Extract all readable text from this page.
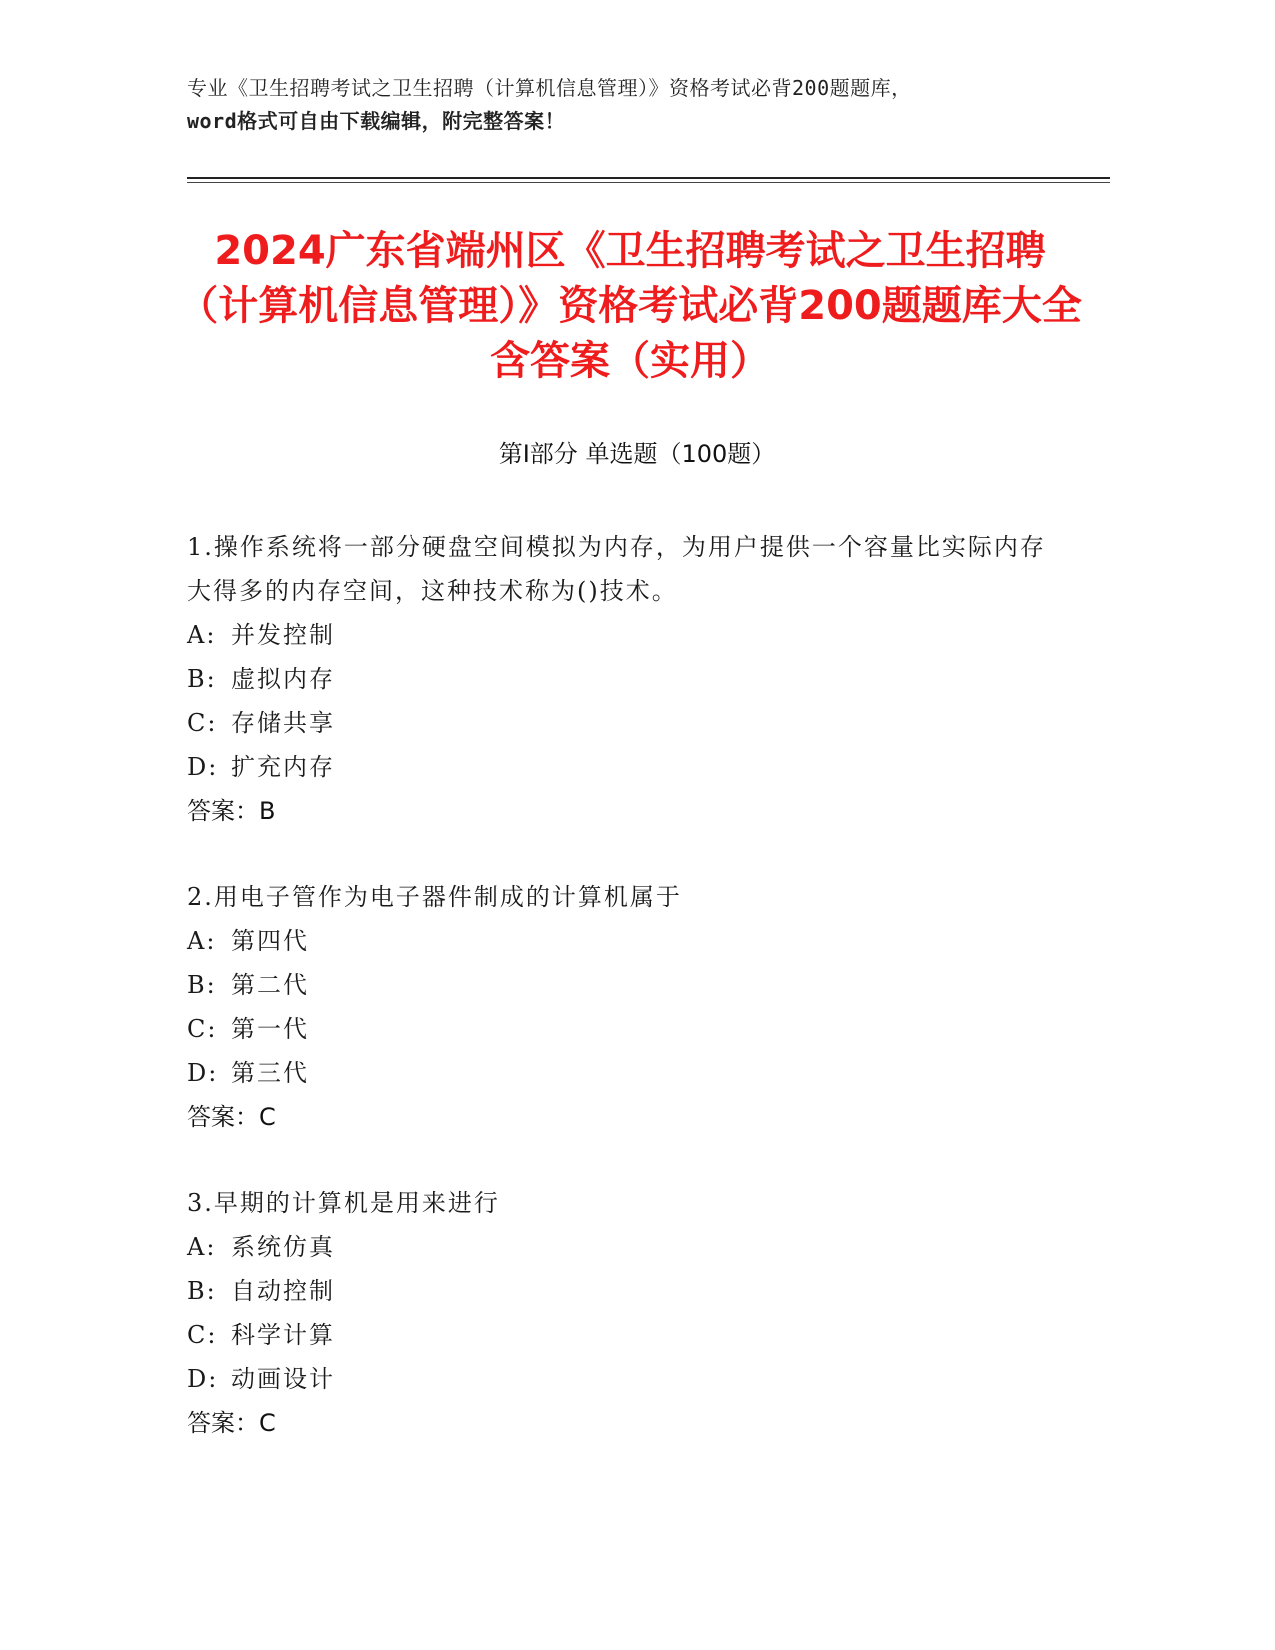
专业《卫生招聘考试之卫生招聘（计算机信息管理）》资格考试必背200题题库，
word格式可自由下载编辑，附完整答案！
2024广东省端州区《卫生招聘考试之卫生招聘（计算机信息管理）》资格考试必背200题题库大全含答案（实用）
第I部分 单选题（100题）

1.操作系统将一部分硬盘空间模拟为内存，为用户提供一个容量比实际内存大得多的内存空间，这种技术称为()技术。

A: 并发控制

B: 虚拟内存

C: 存储共享

D: 扩充内存

答案：B

2.用电子管作为电子器件制成的计算机属于

A: 第四代

B: 第二代

C: 第一代

D: 第三代

答案：C

3.早期的计算机是用来进行

A: 系统仿真

B: 自动控制

C: 科学计算

D: 动画设计

答案：C
